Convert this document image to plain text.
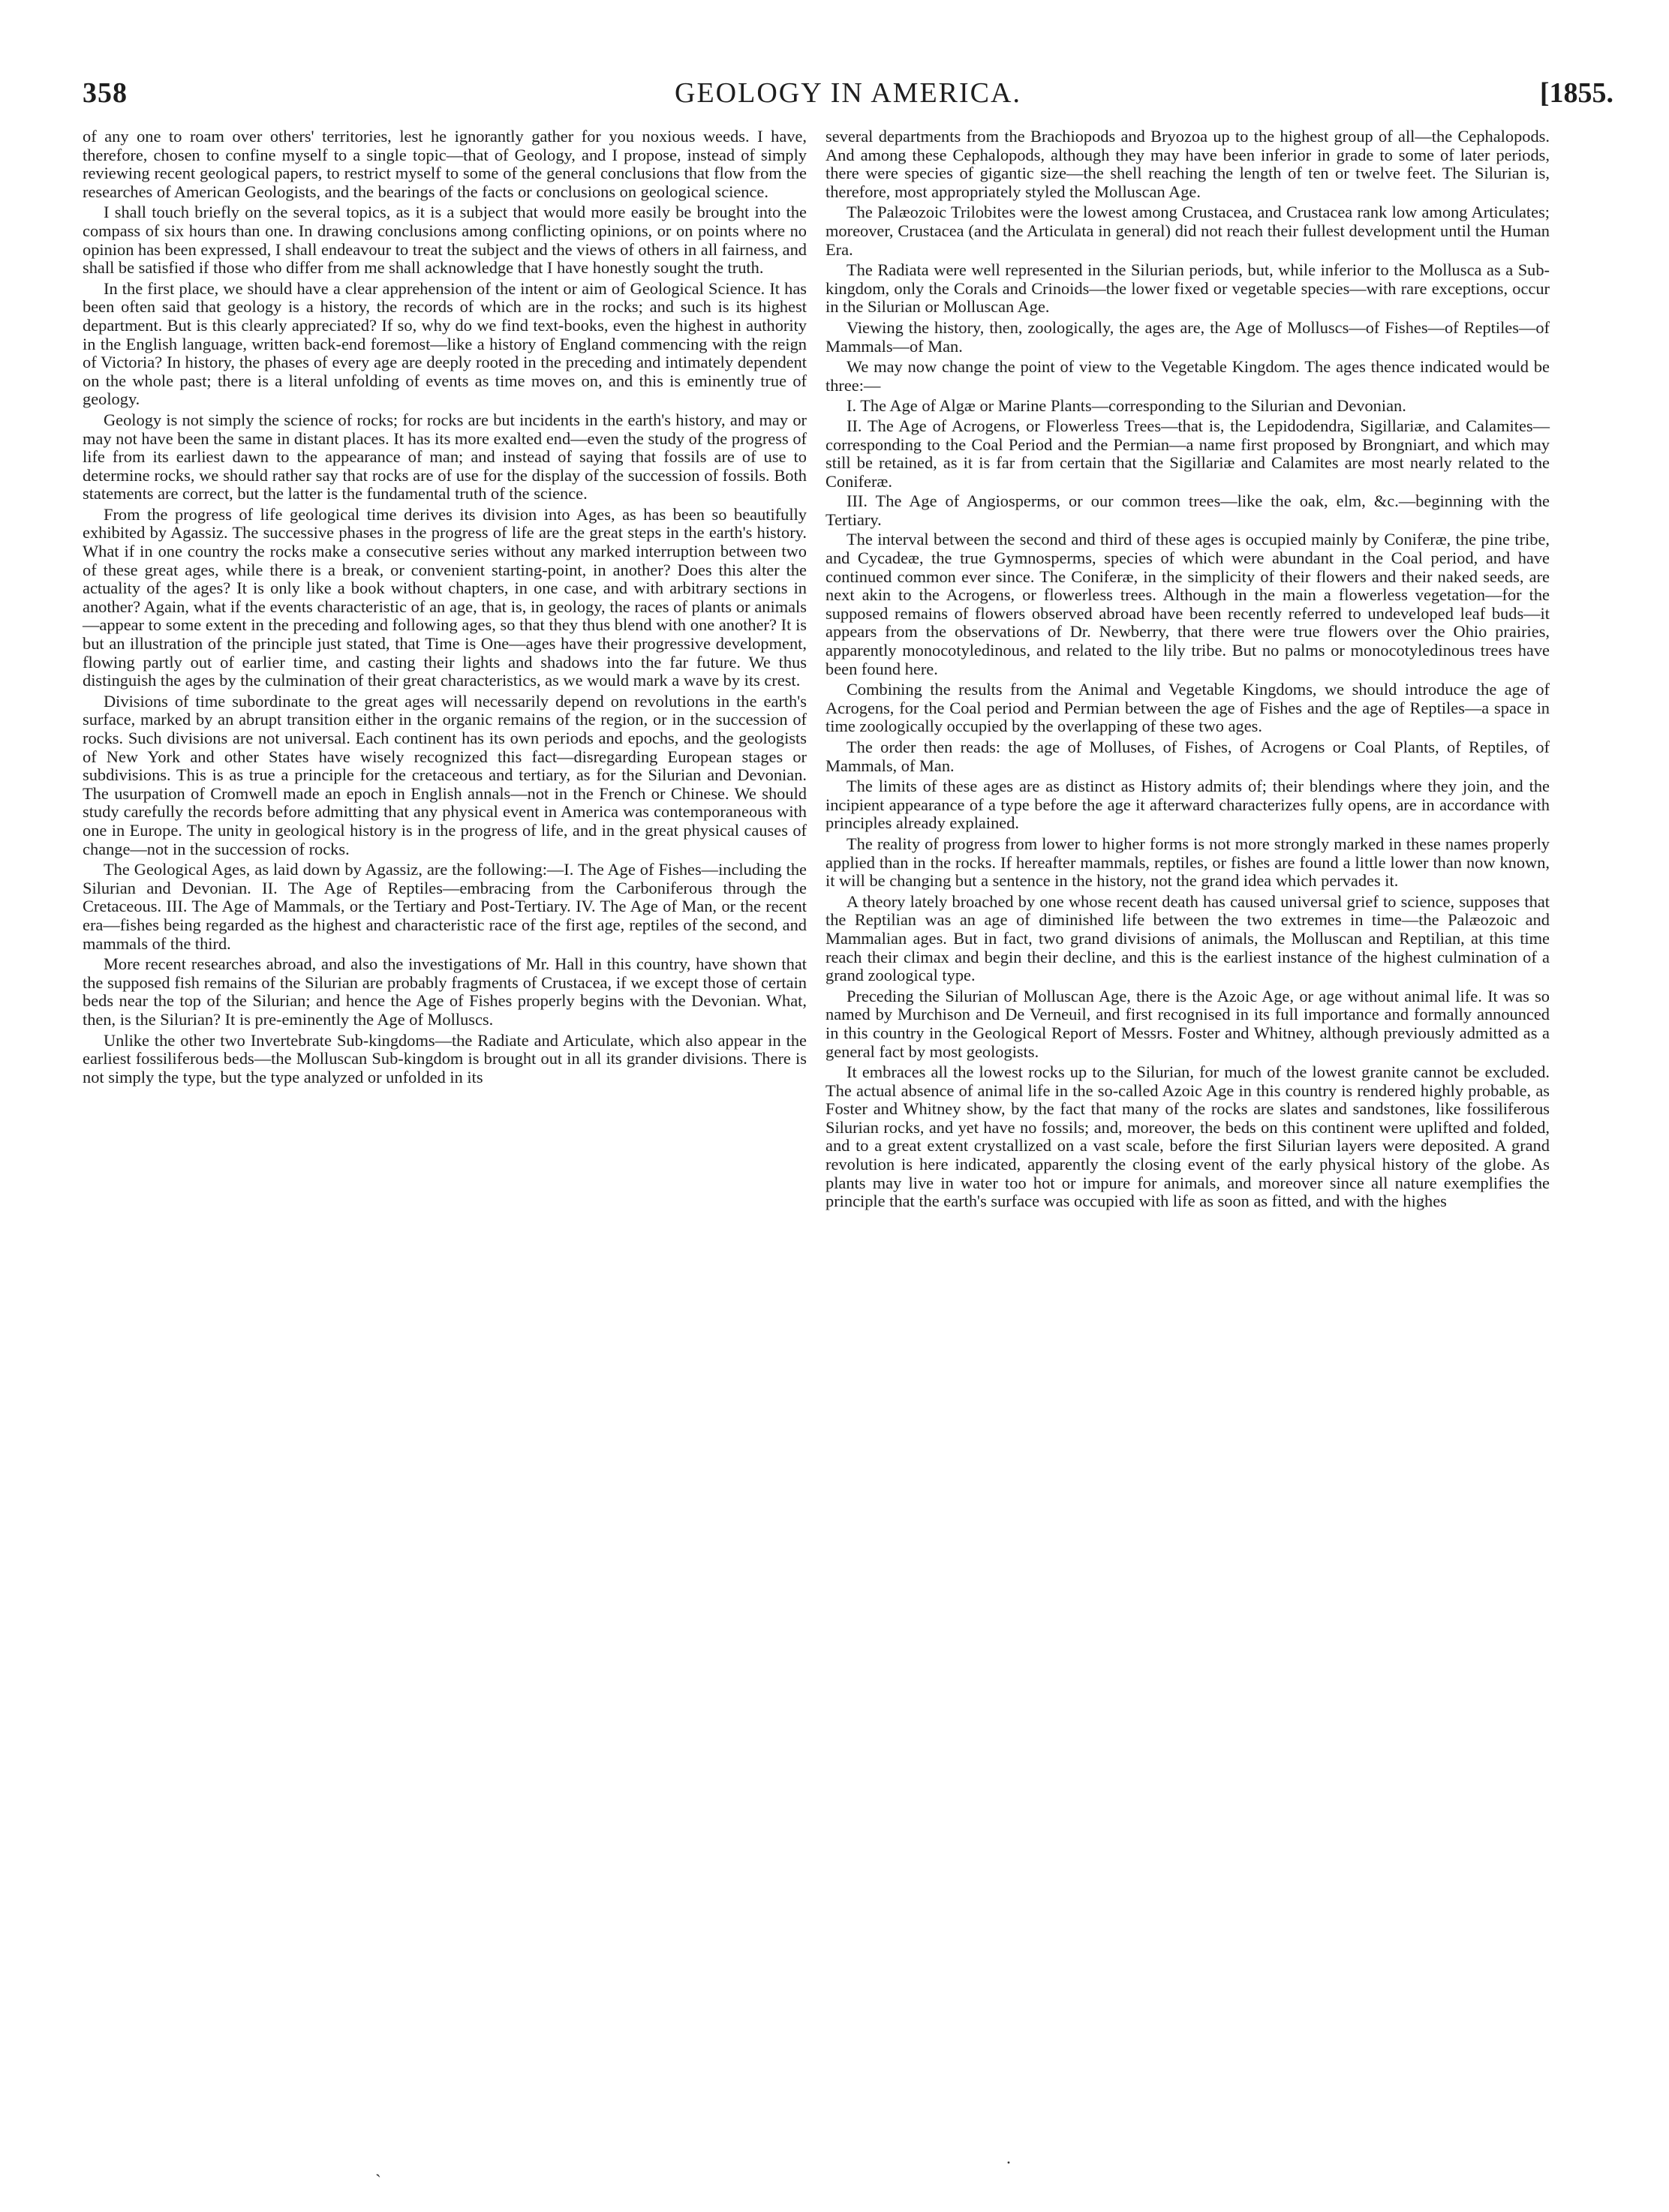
358	GEOLOGY IN AMERICA.	[1855.

of any one to roam over others' territories, lest he ignorantly gather for you noxious weeds. I have, therefore, chosen to confine myself to a single topic—that of Geology, and I propose, instead of simply reviewing recent geological papers, to restrict myself to some of the general conclusions that flow from the researches of American Geologists, and the bearings of the facts or conclusions on geological science.

I shall touch briefly on the several topics, as it is a subject that would more easily be brought into the compass of six hours than one. In drawing conclusions among conflicting opinions, or on points where no opinion has been expressed, I shall endeavour to treat the subject and the views of others in all fairness, and shall be satisfied if those who differ from me shall acknowledge that I have honestly sought the truth.

In the first place, we should have a clear apprehension of the intent or aim of Geological Science. It has been often said that geology is a history, the records of which are in the rocks; and such is its highest department. But is this clearly appreciated? If so, why do we find text-books, even the highest in authority in the English language, written back-end foremost—like a history of England commencing with the reign of Victoria? In history, the phases of every age are deeply rooted in the preceding and intimately dependent on the whole past; there is a literal unfolding of events as time moves on, and this is eminently true of geology.

Geology is not simply the science of rocks; for rocks are but incidents in the earth's history, and may or may not have been the same in distant places. It has its more exalted end—even the study of the progress of life from its earliest dawn to the appearance of man; and instead of saying that fossils are of use to determine rocks, we should rather say that rocks are of use for the display of the succession of fossils. Both statements are correct, but the latter is the fundamental truth of the science.

From the progress of life geological time derives its division into Ages, as has been so beautifully exhibited by Agassiz. The successive phases in the progress of life are the great steps in the earth's history. What if in one country the rocks make a consecutive series without any marked interruption between two of these great ages, while there is a break, or convenient starting-point, in another? Does this alter the actuality of the ages? It is only like a book without chapters, in one case, and with arbitrary sections in another? Again, what if the events characteristic of an age, that is, in geology, the races of plants or animals—appear to some extent in the preceding and following ages, so that they thus blend with one another? It is but an illustration of the principle just stated, that Time is One—ages have their progressive development, flowing partly out of earlier time, and casting their lights and shadows into the far future. We thus distinguish the ages by the culmination of their great characteristics, as we would mark a wave by its crest.

Divisions of time subordinate to the great ages will necessarily depend on revolutions in the earth's surface, marked by an abrupt transition either in the organic remains of the region, or in the succession of rocks. Such divisions are not universal. Each continent has its own periods and epochs, and the geologists of New York and other States have wisely recognized this fact—disregarding European stages or subdivisions. This is as true a principle for the cretaceous and tertiary, as for the Silurian and Devonian. The usurpation of Cromwell made an epoch in English annals—not in the French or Chinese. We should study carefully the records before admitting that any physical event in America was contemporaneous with one in Europe. The unity in geological history is in the progress of life, and in the great physical causes of change—not in the succession of rocks.

The Geological Ages, as laid down by Agassiz, are the following:—I. The Age of Fishes—including the Silurian and Devonian. II. The Age of Reptiles—embracing from the Carboniferous through the Cretaceous. III. The Age of Mammals, or the Tertiary and Post-Tertiary. IV. The Age of Man, or the recent era—fishes being regarded as the highest and characteristic race of the first age, reptiles of the second, and mammals of the third.

More recent researches abroad, and also the investigations of Mr. Hall in this country, have shown that the supposed fish remains of the Silurian are probably fragments of Crustacea, if we except those of certain beds near the top of the Silurian; and hence the Age of Fishes properly begins with the Devonian. What, then, is the Silurian? It is pre-eminently the Age of Molluscs.

Unlike the other two Invertebrate Sub-kingdoms—the Radiate and Articulate, which also appear in the earliest fossiliferous beds—the Molluscan Sub-kingdom is brought out in all its grander divisions. There is not simply the type, but the type analyzed or unfolded in its

several departments from the Brachiopods and Bryozoa up to the highest group of all—the Cephalopods. And among these Cephalopods, although they may have been inferior in grade to some of later periods, there were species of gigantic size—the shell reaching the length of ten or twelve feet. The Silurian is, therefore, most appropriately styled the Molluscan Age.

The Palæozoic Trilobites were the lowest among Crustacea, and Crustacea rank low among Articulates; moreover, Crustacea (and the Articulata in general) did not reach their fullest development until the Human Era.

The Radiata were well represented in the Silurian periods, but, while inferior to the Mollusca as a Sub-kingdom, only the Corals and Crinoids—the lower fixed or vegetable species—with rare exceptions, occur in the Silurian or Molluscan Age.

Viewing the history, then, zoologically, the ages are, the Age of Molluscs—of Fishes—of Reptiles—of Mammals—of Man.

We may now change the point of view to the Vegetable Kingdom. The ages thence indicated would be three:—

I. The Age of Algæ or Marine Plants—corresponding to the Silurian and Devonian.

II. The Age of Acrogens, or Flowerless Trees—that is, the Lepidodendra, Sigillariæ, and Calamites—corresponding to the Coal Period and the Permian—a name first proposed by Brongniart, and which may still be retained, as it is far from certain that the Sigillariæ and Calamites are most nearly related to the Coniferæ.

III. The Age of Angiosperms, or our common trees—like the oak, elm, &c.—beginning with the Tertiary.

The interval between the second and third of these ages is occupied mainly by Coniferæ, the pine tribe, and Cycadeæ, the true Gymnosperms, species of which were abundant in the Coal period, and have continued common ever since. The Coniferæ, in the simplicity of their flowers and their naked seeds, are next akin to the Acrogens, or flowerless trees. Although in the main a flowerless vegetation—for the supposed remains of flowers observed abroad have been recently referred to undeveloped leaf buds—it appears from the observations of Dr. Newberry, that there were true flowers over the Ohio prairies, apparently monocotyledinous, and related to the lily tribe. But no palms or monocotyledinous trees have been found here.

Combining the results from the Animal and Vegetable Kingdoms, we should introduce the age of Acrogens, for the Coal period and Permian between the age of Fishes and the age of Reptiles—a space in time zoologically occupied by the overlapping of these two ages.

The order then reads: the age of Molluses, of Fishes, of Acrogens or Coal Plants, of Reptiles, of Mammals, of Man.

The limits of these ages are as distinct as History admits of; their blendings where they join, and the incipient appearance of a type before the age it afterward characterizes fully opens, are in accordance with principles already explained.

The reality of progress from lower to higher forms is not more strongly marked in these names properly applied than in the rocks. If hereafter mammals, reptiles, or fishes are found a little lower than now known, it will be changing but a sentence in the history, not the grand idea which pervades it.

A theory lately broached by one whose recent death has caused universal grief to science, supposes that the Reptilian was an age of diminished life between the two extremes in time—the Palæozoic and Mammalian ages. But in fact, two grand divisions of animals, the Molluscan and Reptilian, at this time reach their climax and begin their decline, and this is the earliest instance of the highest culmination of a grand zoological type.

Preceding the Silurian of Molluscan Age, there is the Azoic Age, or age without animal life. It was so named by Murchison and De Verneuil, and first recognised in its full importance and formally announced in this country in the Geological Report of Messrs. Foster and Whitney, although previously admitted as a general fact by most geologists.

It embraces all the lowest rocks up to the Silurian, for much of the lowest granite cannot be excluded. The actual absence of animal life in the so-called Azoic Age in this country is rendered highly probable, as Foster and Whitney show, by the fact that many of the rocks are slates and sandstones, like fossiliferous Silurian rocks, and yet have no fossils; and, moreover, the beds on this continent were uplifted and folded, and to a great extent crystallized on a vast scale, before the first Silurian layers were deposited. A grand revolution is here indicated, apparently the closing event of the early physical history of the globe. As plants may live in water too hot or impure for animals, and moreover since all nature exemplifies the principle that the earth's surface was occupied with life as soon as fitted, and with the highes

ˋ
·
